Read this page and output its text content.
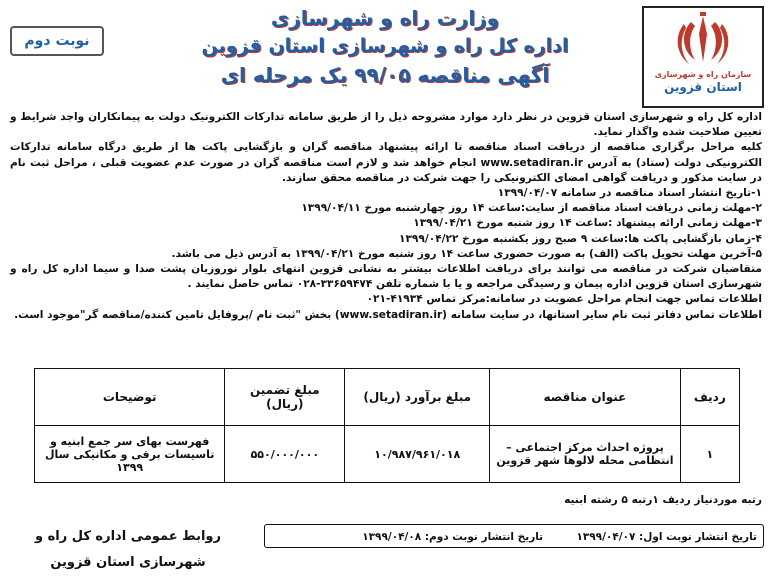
سازمان راه و شهرسازی
استان قزوین
وزارت راه و شهرسازی
اداره کل راه و شهرسازی استان قزوین
آگهی مناقصه ۹۹/۰۵ یک مرحله ای
نوبت دوم

اداره کل راه و شهرسازی استان قزوین در نظر دارد موارد مشروحه ذیل را از طریق سامانه تدارکات الکترونیک دولت به پیمانکاران واجد شرایط و تعیین صلاحیت شده واگذار نماید.

کلیه مراحل برگزاری مناقصه از دریافت اسناد مناقصه تا ارائه پیشنهاد مناقصه گران و بازگشایی پاکت ها از طریق درگاه سامانه تدارکات الکترونیکی دولت (ستاد) به آدرس www.setadiran.ir انجام خواهد شد و لازم است مناقصه گران در صورت عدم عضویت قبلی ، مراحل ثبت نام در سایت مذکور و دریافت گواهی امضای الکترونیکی را جهت شرکت در مناقصه محقق سازند.

۱-تاریخ انتشار اسناد مناقصه در سامانه ۱۳۹۹/۰۴/۰۷

۲-مهلت زمانی دریافت اسناد مناقصه از سایت:ساعت ۱۴ روز چهارشنبه مورخ ۱۳۹۹/۰۴/۱۱

۳-مهلت زمانی ارائه پیشنهاد :ساعت ۱۴ روز شنبه مورخ ۱۳۹۹/۰۴/۲۱

۴-زمان بازگشایی پاکت ها:ساعت ۹ صبح روز یکشنبه مورخ ۱۳۹۹/۰۴/۲۲

۵-آخرین مهلت تحویل پاکت (الف) به صورت حضوری ساعت ۱۴ روز شنبه مورخ ۱۳۹۹/۰۴/۲۱ به آدرس ذیل می باشد.

متقاضیان شرکت در مناقصه می توانند برای دریافت اطلاعات بیشتر به نشانی قزوین انتهای بلوار نوروزیان پشت صدا و سیما اداره کل راه و شهرسازی استان قزوین اداره پیمان و رسیدگی مراجعه و یا با شماره تلفن ۳۳۶۵۹۴۷۴-۰۲۸ تماس حاصل نمایند .

اطلاعات تماس جهت انجام مراحل عضویت در سامانه:مرکز تماس ۴۱۹۳۴-۰۲۱

اطلاعات تماس دفاتر ثبت نام سایر استانها، در سایت سامانه (www.setadiran.ir) بخش "ثبت نام /پروفایل تامین کننده/مناقصه گر"موجود است.

ردیف	عنوان مناقصه	مبلغ برآورد (ریال)	مبلغ تضمین (ریال)	توضیحات
۱	پروژه احداث مرکز اجتماعی – انتظامی محله لالوها شهر قزوین	۱۰/۹۸۷/۹۶۱/۰۱۸	۵۵۰/۰۰۰/۰۰۰	فهرست بهای سر جمع ابنیه و تاسیسات برقی و مکانیکی سال ۱۳۹۹
رتبه موردنیاز ردیف ۱رتبه ۵ رشته ابنیه
تاریخ انتشار نوبت اول: ۱۳۹۹/۰۴/۰۷  تاریخ انتشار نوبت دوم: ۱۳۹۹/۰۴/۰۸
روابط عمومی اداره کل راه و شهرسازی استان قزوین
